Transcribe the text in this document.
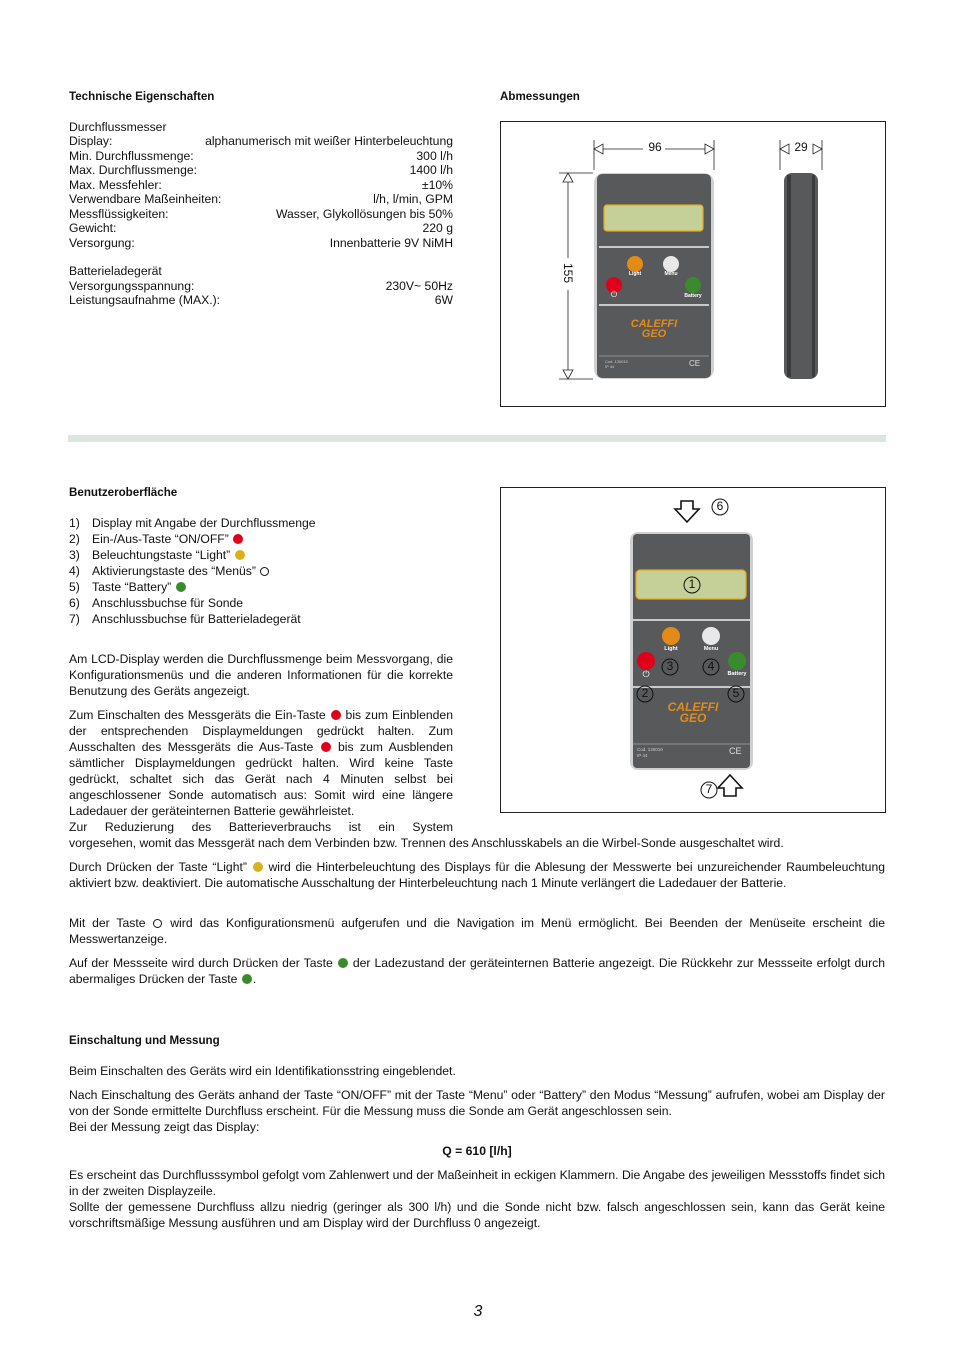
Technische Eigenschaften
Durchflussmesser
Display:	alphanumerisch mit weißer Hinterbeleuchtung
Min. Durchflussmenge:	300 l/h
Max. Durchflussmenge:	1400 l/h
Max. Messfehler:	±10%
Verwendbare Maßeinheiten:	l/h, l/min, GPM
Messflüssigkeiten:	Wasser, Glykollösungen bis 50%
Gewicht:	220 g
Versorgung:	Innenbatterie 9V NiMH
Batterieladegerät
Versorgungsspannung:	230V~ 50Hz
Leistungsaufnahme (MAX.):	6W
Abmessungen
96	29
155	Light	Menu
Battery
⏻
CALEFFI
GEO
Cod. 130010
IP 44	CE
Benutzeroberfläche
1) Display mit Angabe der Durchflussmenge
2) Ein-/Aus-Taste “ON/OFF”
3) Beleuchtungstaste “Light”
4) Aktivierungstaste des “Menüs”
5) Taste “Battery”
6) Anschlussbuchse für Sonde
7) Anschlussbuchse für Batterieladegerät
Am LCD-Display werden die Durchflussmenge beim Messvorgang, die Konfigurationsmenüs und die anderen Informationen für die korrekte Benutzung des Geräts angezeigt.
Zum Einschalten des Messgeräts die Ein-Taste bis zum Einblenden der entsprechenden Displaymeldungen gedrückt halten. Zum Ausschalten des Messgeräts die Aus-Taste bis zum Ausblenden sämtlicher Displaymeldungen gedrückt halten. Wird keine Taste gedrückt, schaltet sich das Gerät nach 4 Minuten selbst bei angeschlossener Sonde automatisch aus: Somit wird eine längere Ladedauer der geräteinternen Batterie gewährleistet.
Zur Reduzierung des Batterieverbrauchs ist ein System
vorgesehen, womit das Messgerät nach dem Verbinden bzw. Trennen des Anschlusskabels an die Wirbel-Sonde ausgeschaltet wird.
6
1
2
3	4
5
7
Light	Menu
Battery
⏻
CALEFFI
GEO
Cod. 130010
IP 44	CE
Durch Drücken der Taste “Light” wird die Hinterbeleuchtung des Displays für die Ablesung der Messwerte bei unzureichender Raumbeleuchtung aktiviert bzw. deaktiviert. Die automatische Ausschaltung der Hinterbeleuchtung nach 1 Minute verlängert die Ladedauer der Batterie.
Mit der Taste wird das Konfigurationsmenü aufgerufen und die Navigation im Menü ermöglicht. Bei Beenden der Menüseite erscheint die Messwertanzeige.
Auf der Messseite wird durch Drücken der Taste der Ladezustand der geräteinternen Batterie angezeigt. Die Rückkehr zur Messseite erfolgt durch abermaliges Drücken der Taste .
Einschaltung und Messung
Beim Einschalten des Geräts wird ein Identifikationsstring eingeblendet.
Nach Einschaltung des Geräts anhand der Taste “ON/OFF” mit der Taste “Menu” oder “Battery” den Modus “Messung” aufrufen, wobei am Display der von der Sonde ermittelte Durchfluss erscheint. Für die Messung muss die Sonde am Gerät angeschlossen sein.
Bei der Messung zeigt das Display:
Q = 610 [l/h]
Es erscheint das Durchflusssymbol gefolgt vom Zahlenwert und der Maßeinheit in eckigen Klammern. Die Angabe des jeweiligen Messstoffs findet sich in der zweiten Displayzeile.
Sollte der gemessene Durchfluss allzu niedrig (geringer als 300 l/h) und die Sonde nicht bzw. falsch angeschlossen sein, kann das Gerät keine vorschriftsmäßige Messung ausführen und am Display wird der Durchfluss 0 angezeigt.
3
